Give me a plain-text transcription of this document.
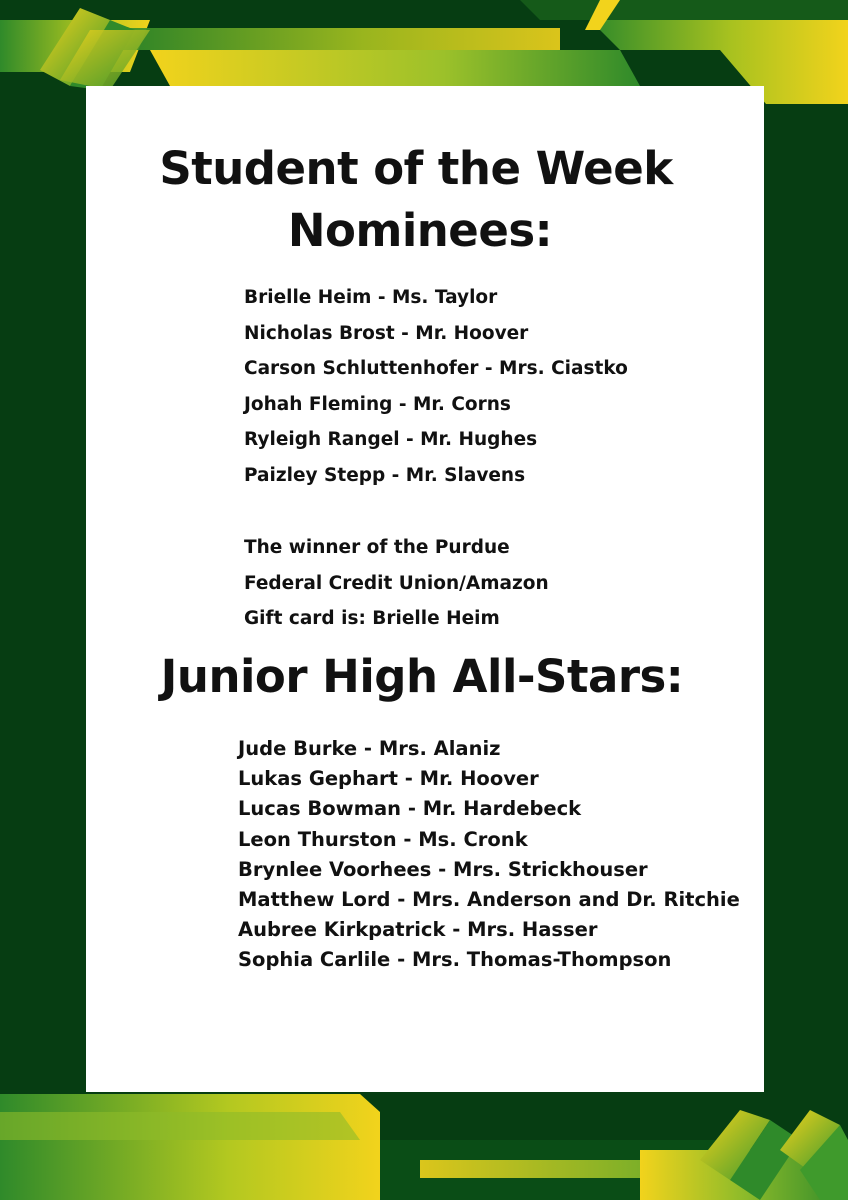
Student of the Week
Nominees:
Brielle Heim - Ms. Taylor
Nicholas Brost - Mr. Hoover
Carson Schluttenhofer - Mrs. Ciastko
Johah Fleming - Mr. Corns
Ryleigh Rangel - Mr. Hughes
Paizley Stepp - Mr. Slavens
The winner of the Purdue
Federal Credit Union/Amazon
Gift card is: Brielle Heim
Junior High All-Stars:
Jude Burke - Mrs. Alaniz
Lukas Gephart - Mr. Hoover
Lucas Bowman - Mr. Hardebeck
Leon Thurston - Ms. Cronk
Brynlee Voorhees - Mrs. Strickhouser
Matthew Lord - Mrs. Anderson and Dr. Ritchie
Aubree Kirkpatrick - Mrs. Hasser
Sophia Carlile - Mrs. Thomas-Thompson
